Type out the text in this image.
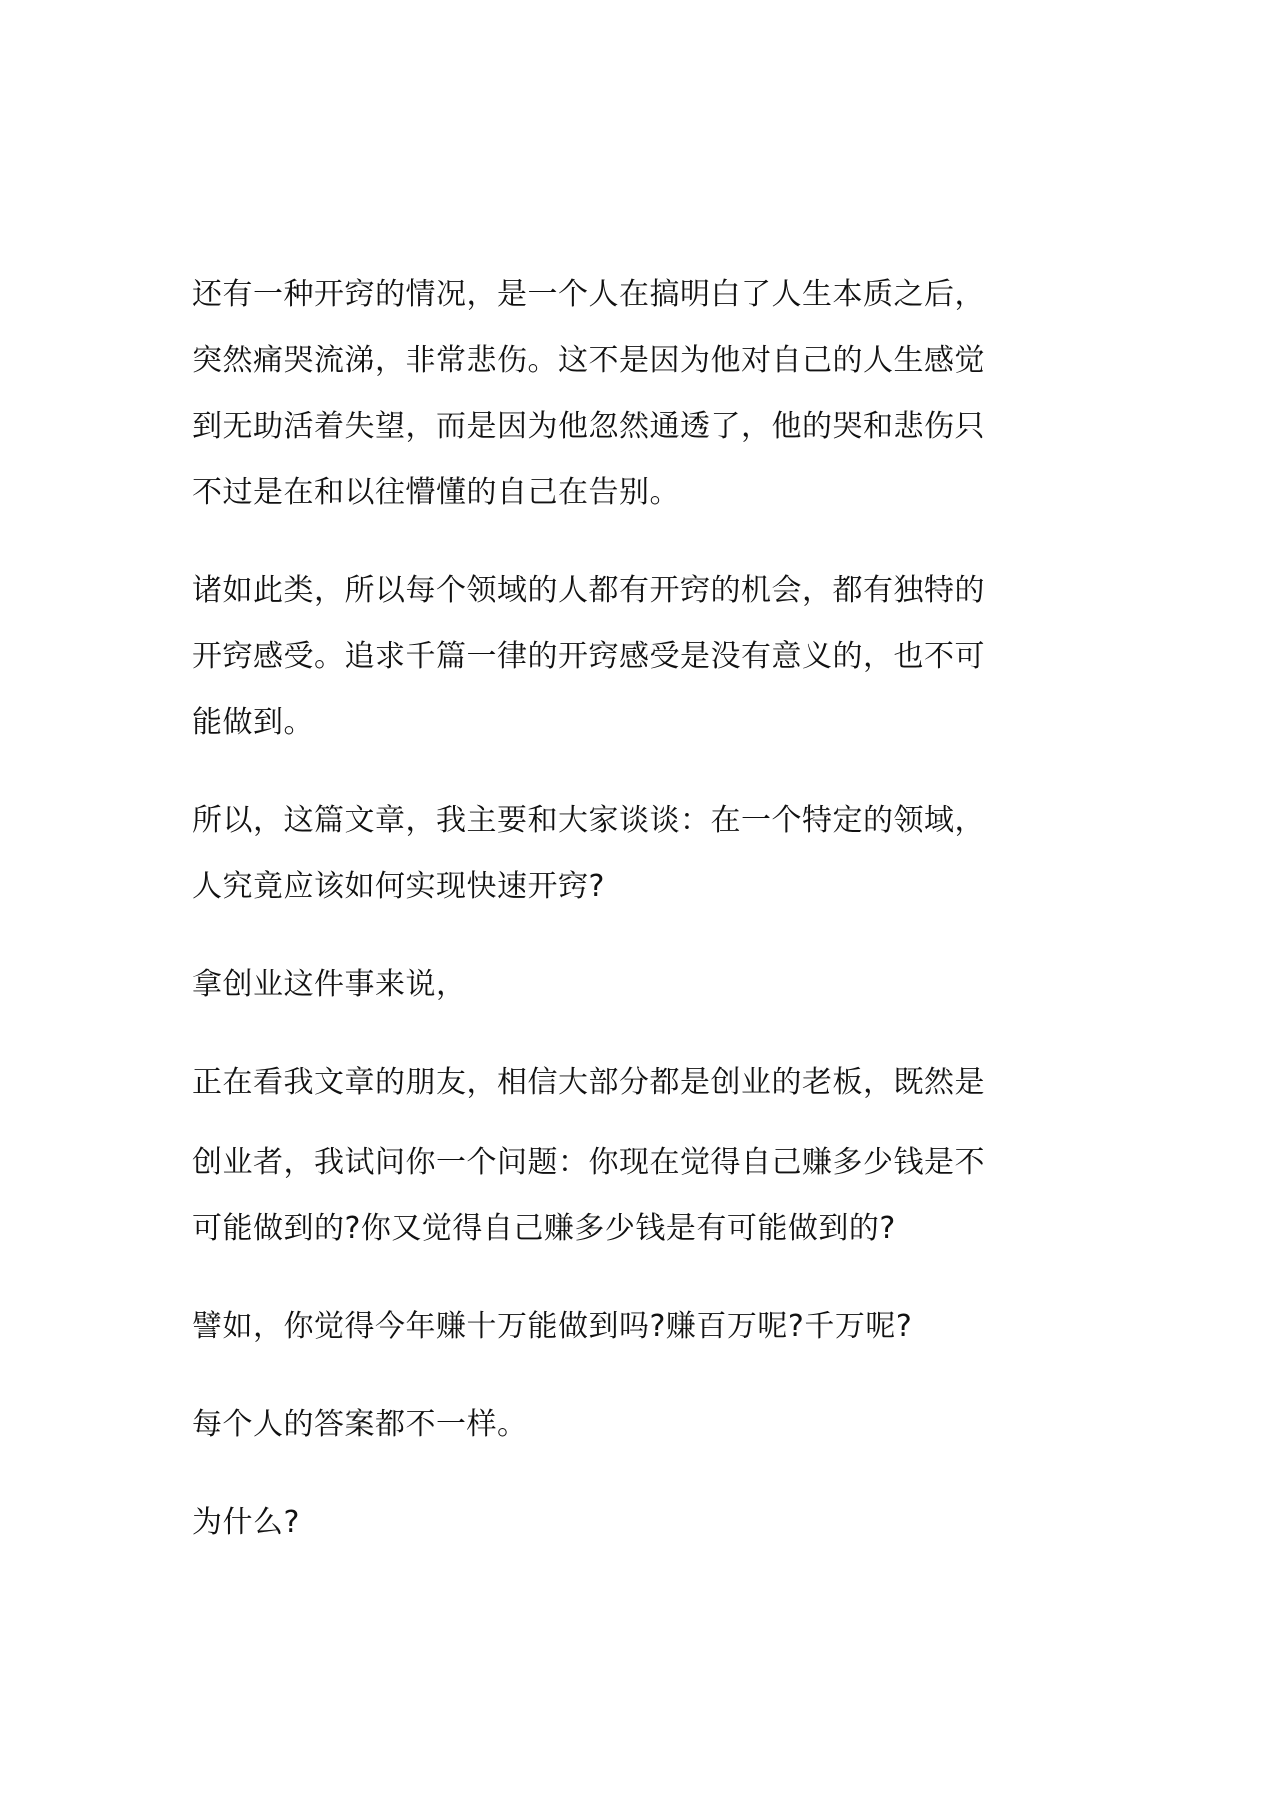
还有一种开窍的情况，是一个人在搞明白了人生本质之后，
突然痛哭流涕，非常悲伤。这不是因为他对自己的人生感觉
到无助活着失望，而是因为他忽然通透了，他的哭和悲伤只
不过是在和以往懵懂的自己在告别。
诸如此类，所以每个领域的人都有开窍的机会，都有独特的
开窍感受。追求千篇一律的开窍感受是没有意义的，也不可
能做到。
所以，这篇文章，我主要和大家谈谈：在一个特定的领域，
人究竟应该如何实现快速开窍?
拿创业这件事来说，
正在看我文章的朋友，相信大部分都是创业的老板，既然是
创业者，我试问你一个问题：你现在觉得自己赚多少钱是不
可能做到的?你又觉得自己赚多少钱是有可能做到的?
譬如，你觉得今年赚十万能做到吗?赚百万呢?千万呢?
每个人的答案都不一样。
为什么?
